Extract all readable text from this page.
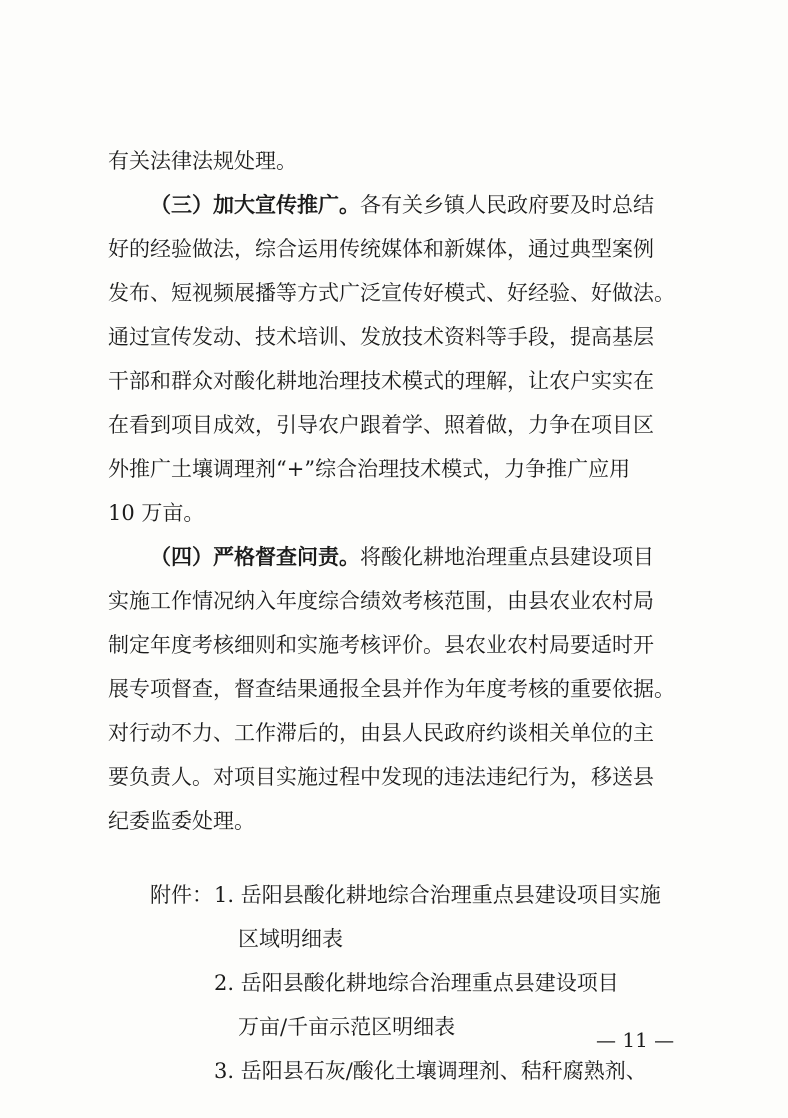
有关法律法规处理。
（三）加大宣传推广。各有关乡镇人民政府要及时总结
好的经验做法，综合运用传统媒体和新媒体，通过典型案例
发布、短视频展播等方式广泛宣传好模式、好经验、好做法。
通过宣传发动、技术培训、发放技术资料等手段，提高基层
干部和群众对酸化耕地治理技术模式的理解，让农户实实在
在看到项目成效，引导农户跟着学、照着做，力争在项目区
外推广土壤调理剂“+”综合治理技术模式，力争推广应用
10 万亩。
（四）严格督查问责。将酸化耕地治理重点县建设项目
实施工作情况纳入年度综合绩效考核范围，由县农业农村局
制定年度考核细则和实施考核评价。县农业农村局要适时开
展专项督查，督查结果通报全县并作为年度考核的重要依据。
对行动不力、工作滞后的，由县人民政府约谈相关单位的主
要负责人。对项目实施过程中发现的违法违纪行为，移送县
纪委监委处理。
附件： 1. 岳阳县酸化耕地综合治理重点县建设项目实施
区域明细表
2. 岳阳县酸化耕地综合治理重点县建设项目
万亩/千亩示范区明细表
3. 岳阳县石灰/酸化土壤调理剂、秸秆腐熟剂、
— 11 —
